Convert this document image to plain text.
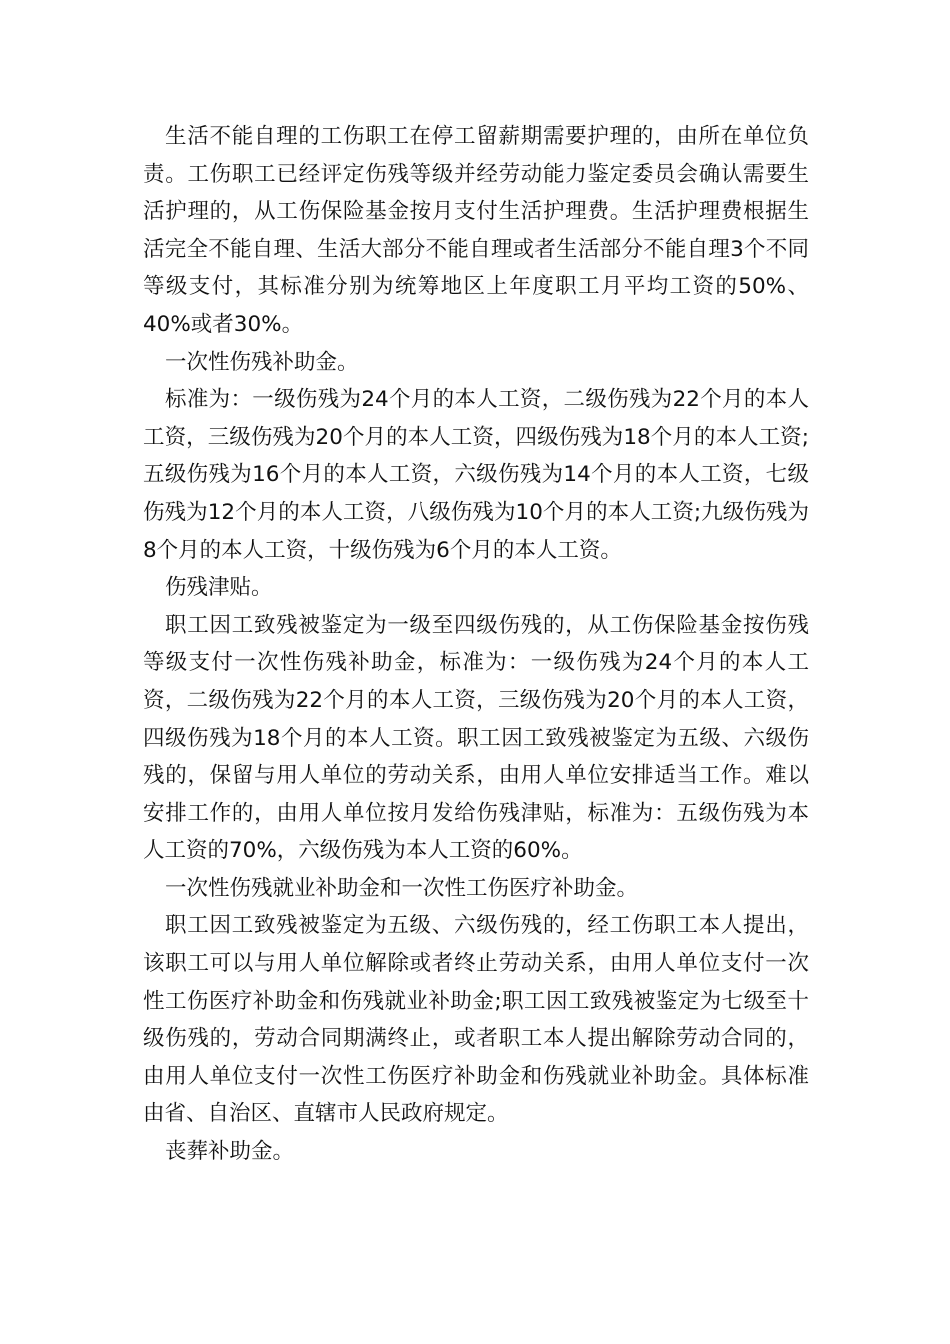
生活不能自理的工伤职工在停工留薪期需要护理的，由所在单位负责。工伤职工已经评定伤残等级并经劳动能力鉴定委员会确认需要生活护理的，从工伤保险基金按月支付生活护理费。生活护理费根据生活完全不能自理、生活大部分不能自理或者生活部分不能自理3个不同等级支付，其标准分别为统筹地区上年度职工月平均工资的50%、40%或者30%。

一次性伤残补助金。

标准为：一级伤残为24个月的本人工资，二级伤残为22个月的本人工资，三级伤残为20个月的本人工资，四级伤残为18个月的本人工资;五级伤残为16个月的本人工资，六级伤残为14个月的本人工资，七级伤残为12个月的本人工资，八级伤残为10个月的本人工资;九级伤残为8个月的本人工资，十级伤残为6个月的本人工资。

伤残津贴。

职工因工致残被鉴定为一级至四级伤残的，从工伤保险基金按伤残等级支付一次性伤残补助金，标准为：一级伤残为24个月的本人工资，二级伤残为22个月的本人工资，三级伤残为20个月的本人工资，四级伤残为18个月的本人工资。职工因工致残被鉴定为五级、六级伤残的，保留与用人单位的劳动关系，由用人单位安排适当工作。难以安排工作的，由用人单位按月发给伤残津贴，标准为：五级伤残为本人工资的70%，六级伤残为本人工资的60%。

一次性伤残就业补助金和一次性工伤医疗补助金。

职工因工致残被鉴定为五级、六级伤残的，经工伤职工本人提出，该职工可以与用人单位解除或者终止劳动关系，由用人单位支付一次性工伤医疗补助金和伤残就业补助金;职工因工致残被鉴定为七级至十级伤残的，劳动合同期满终止，或者职工本人提出解除劳动合同的，由用人单位支付一次性工伤医疗补助金和伤残就业补助金。具体标准由省、自治区、直辖市人民政府规定。

丧葬补助金。
